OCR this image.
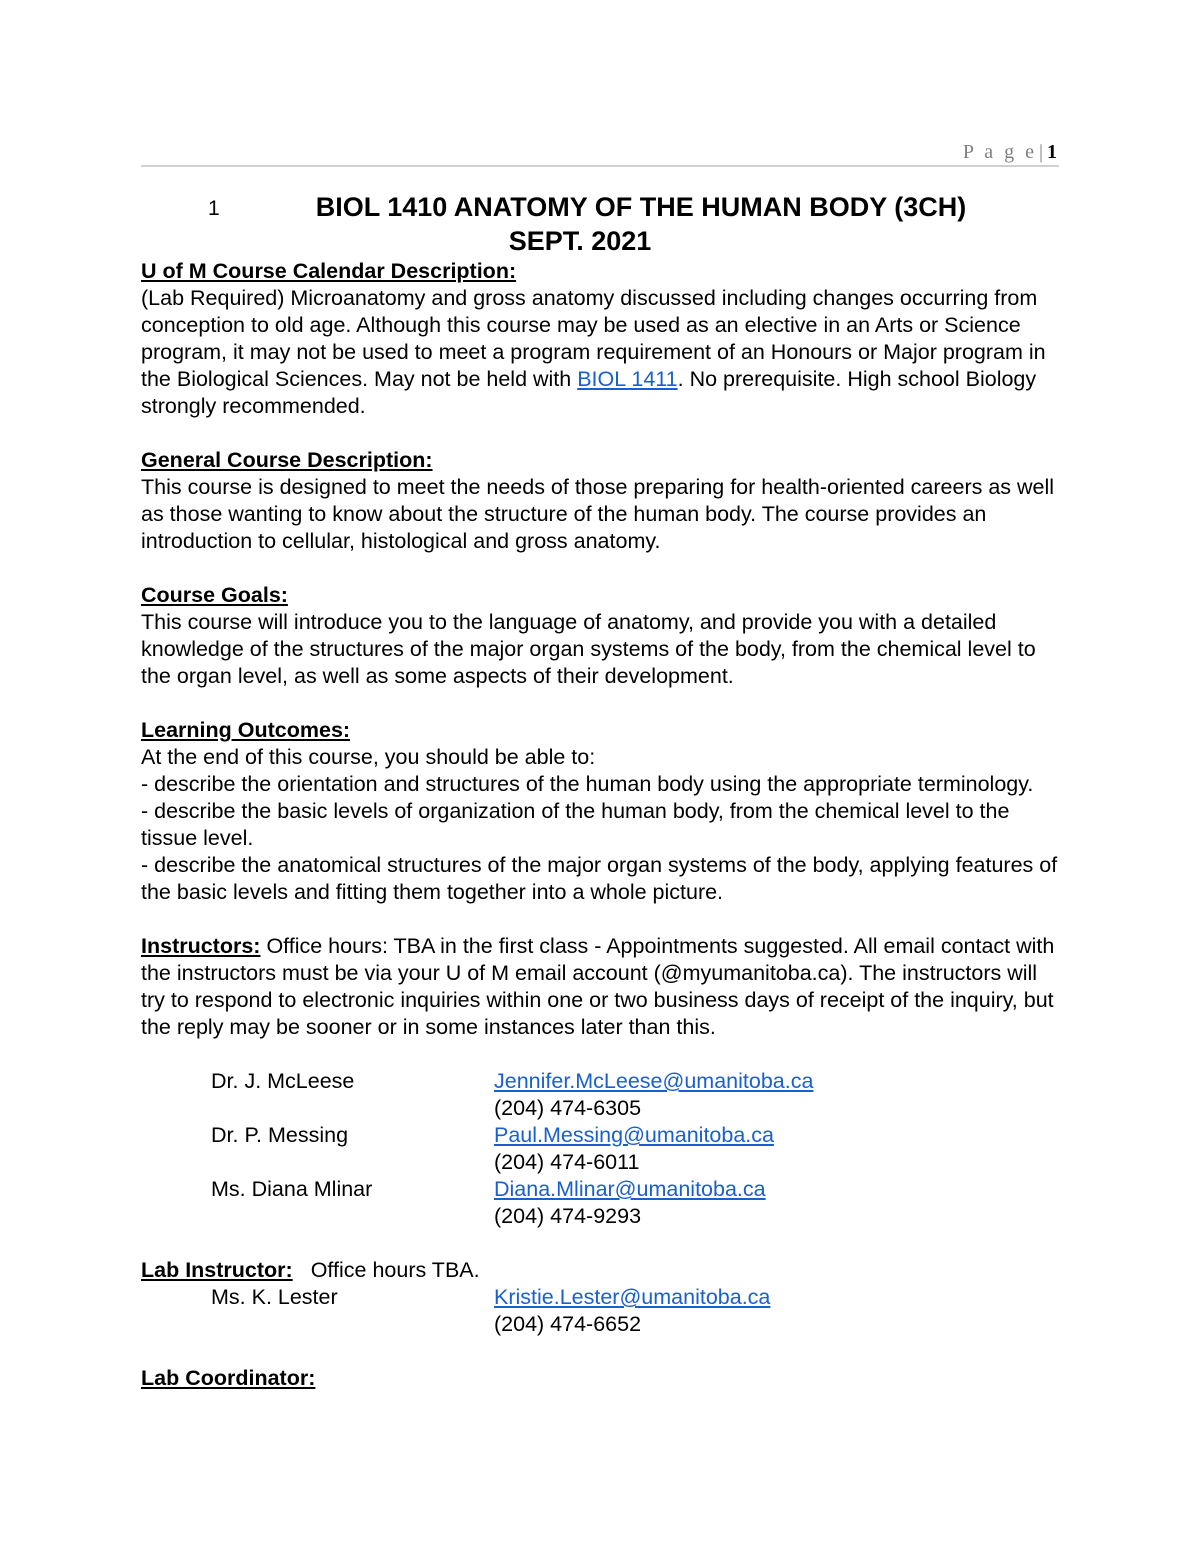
P a g e | 1
1	BIOL 1410 ANATOMY OF THE HUMAN BODY (3CH)
SEPT. 2021
U of M Course Calendar Description:

(Lab Required) Microanatomy and gross anatomy discussed including changes occurring from conception to old age. Although this course may be used as an elective in an Arts or Science program, it may not be used to meet a program requirement of an Honours or Major program in the Biological Sciences. May not be held with BIOL 1411. No prerequisite. High school Biology strongly recommended.

General Course Description:

This course is designed to meet the needs of those preparing for health-oriented careers as well as those wanting to know about the structure of the human body. The course provides an introduction to cellular, histological and gross anatomy.

Course Goals:

This course will introduce you to the language of anatomy, and provide you with a detailed knowledge of the structures of the major organ systems of the body, from the chemical level to the organ level, as well as some aspects of their development.

Learning Outcomes:
At the end of this course, you should be able to:
- describe the orientation and structures of the human body using the appropriate terminology.
- describe the basic levels of organization of the human body, from the chemical level to the tissue level.
- describe the anatomical structures of the major organ systems of the body, applying features of the basic levels and fitting them together into a whole picture.

Instructors: Office hours: TBA in the first class - Appointments suggested. All email contact with the instructors must be via your U of M email account (@myumanitoba.ca). The instructors will try to respond to electronic inquiries within one or two business days of receipt of the inquiry, but the reply may be sooner or in some instances later than this.

Dr. J. McLeese	Jennifer.McLeese@umanitoba.ca
(204) 474-6305
Dr. P. Messing	Paul.Messing@umanitoba.ca
(204) 474-6011
Ms. Diana Mlinar	Diana.Mlinar@umanitoba.ca
(204) 474-9293
Lab Instructor: Office hours TBA.
Ms. K. Lester	Kristie.Lester@umanitoba.ca
(204) 474-6652
Lab Coordinator:
